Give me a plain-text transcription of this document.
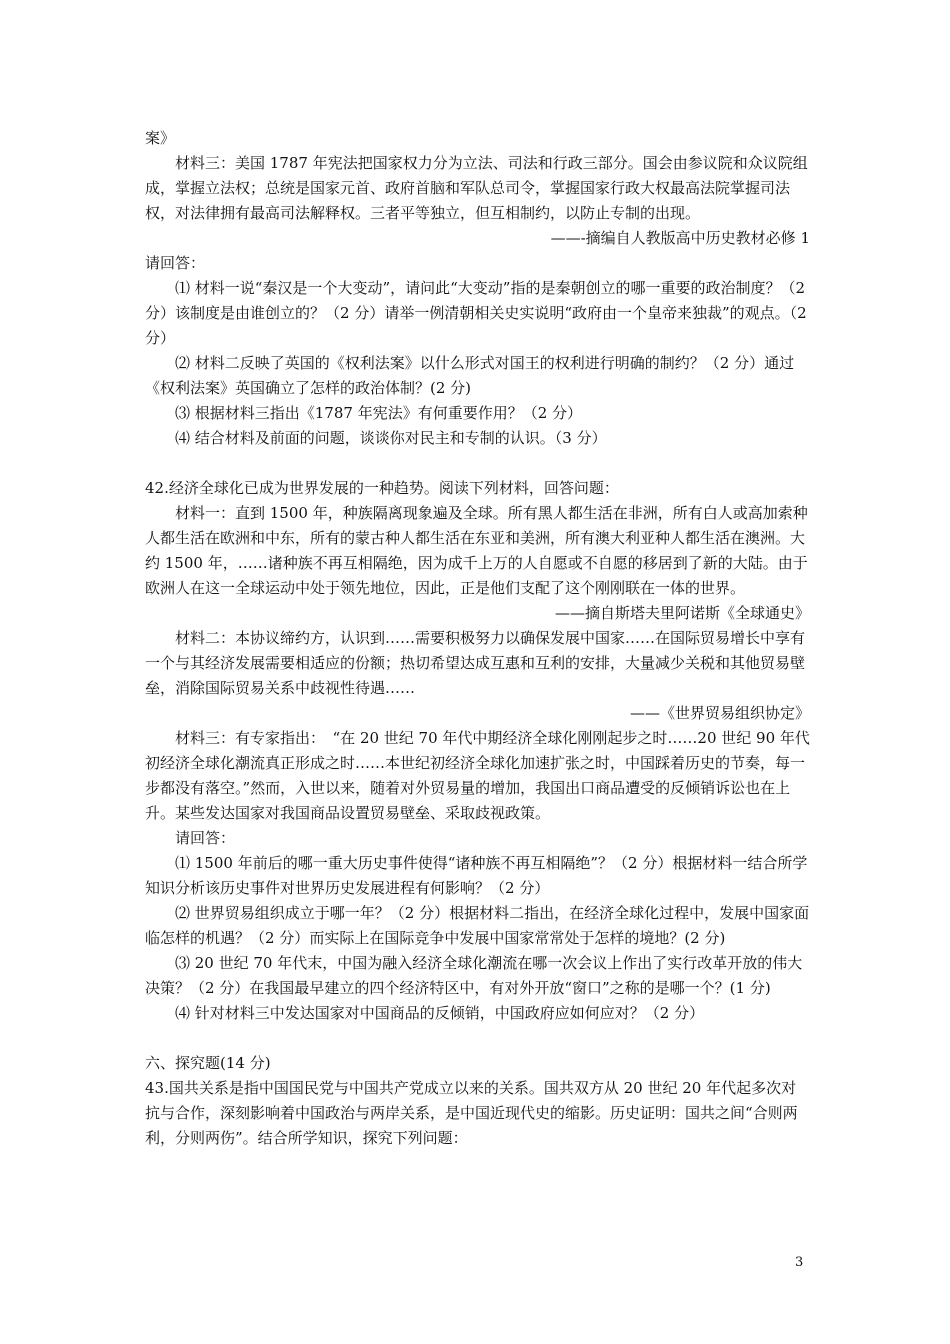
案》

材料三：美国 1787 年宪法把国家权力分为立法、司法和行政三部分。国会由参议院和众议院组成，掌握立法权；总统是国家元首、政府首脑和军队总司令，掌握国家行政大权最高法院掌握司法权，对法律拥有最高司法解释权。三者平等独立，但互相制约，以防止专制的出现。

——-摘编自人教版高中历史教材必修 1

请回答：

⑴ 材料一说“秦汉是一个大变动”，请问此“大变动”指的是秦朝创立的哪一重要的政治制度？（2 分）该制度是由谁创立的？（2 分）请举一例清朝相关史实说明“政府由一个皇帝来独裁”的观点。（2 分）

⑵ 材料二反映了英国的《权利法案》以什么形式对国王的权利进行明确的制约？（2 分）通过《权利法案》英国确立了怎样的政治体制？(2 分)

⑶ 根据材料三指出《1787 年宪法》有何重要作用？（2 分）

⑷ 结合材料及前面的问题，谈谈你对民主和专制的认识。（3 分）

42.经济全球化已成为世界发展的一种趋势。阅读下列材料，回答问题：

材料一：直到 1500 年，种族隔离现象遍及全球。所有黑人都生活在非洲，所有白人或高加索种人都生活在欧洲和中东，所有的蒙古种人都生活在东亚和美洲，所有澳大利亚种人都生活在澳洲。大约 1500 年，……诸种族不再互相隔绝，因为成千上万的人自愿或不自愿的移居到了新的大陆。由于欧洲人在这一全球运动中处于领先地位，因此，正是他们支配了这个刚刚联在一体的世界。

——摘自斯塔夫里阿诺斯《全球通史》

材料二：本协议缔约方，认识到……需要积极努力以确保发展中国家……在国际贸易增长中享有一个与其经济发展需要相适应的份额；热切希望达成互惠和互利的安排，大量减少关税和其他贸易壁垒，消除国际贸易关系中歧视性待遇……

——《世界贸易组织协定》

材料三：有专家指出：　“在 20 世纪 70 年代中期经济全球化刚刚起步之时……20 世纪 90 年代初经济全球化潮流真正形成之时……本世纪初经济全球化加速扩张之时，中国踩着历史的节奏，每一步都没有落空。”然而，入世以来，随着对外贸易量的增加，我国出口商品遭受的反倾销诉讼也在上升。某些发达国家对我国商品设置贸易壁垒、采取歧视政策。

请回答：

⑴ 1500 年前后的哪一重大历史事件使得“诸种族不再互相隔绝”？（2 分）根据材料一结合所学知识分析该历史事件对世界历史发展进程有何影响？（2 分）

⑵ 世界贸易组织成立于哪一年？（2 分）根据材料二指出，在经济全球化过程中，发展中国家面临怎样的机遇？（2 分）而实际上在国际竞争中发展中国家常常处于怎样的境地？(2 分)

⑶ 20 世纪 70 年代末，中国为融入经济全球化潮流在哪一次会议上作出了实行改革开放的伟大决策？（2 分）在我国最早建立的四个经济特区中，有对外开放“窗口”之称的是哪一个？(1 分)

⑷ 针对材料三中发达国家对中国商品的反倾销，中国政府应如何应对？（2 分）

六、探究题(14 分)

43.国共关系是指中国国民党与中国共产党成立以来的关系。国共双方从 20 世纪 20 年代起多次对抗与合作，深刻影响着中国政治与两岸关系，是中国近现代史的缩影。历史证明：国共之间“合则两利，分则两伤”。结合所学知识，探究下列问题：

3
